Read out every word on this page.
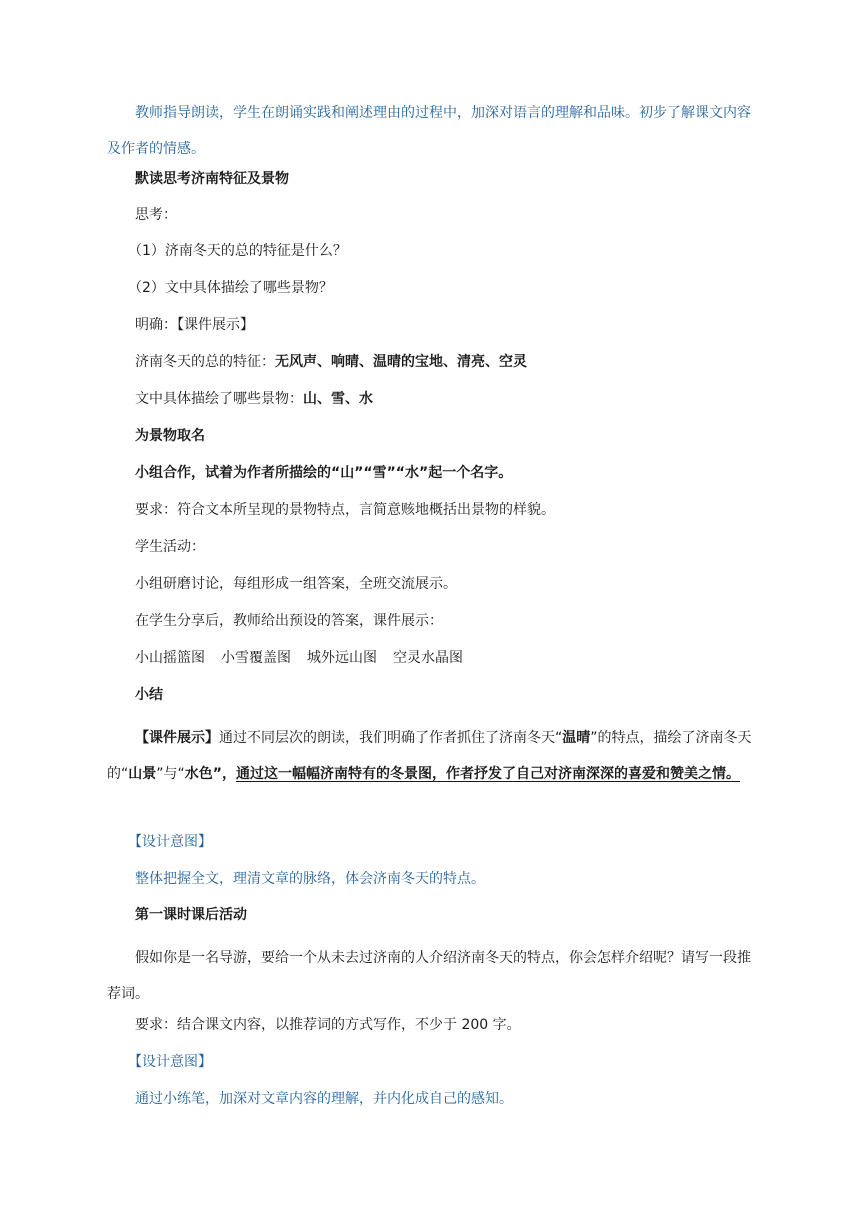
教师指导朗读，学生在朗诵实践和阐述理由的过程中，加深对语言的理解和品味。初步了解课文内容及作者的情感。
默读思考济南特征及景物
思考：
（1）济南冬天的总的特征是什么？
（2）文中具体描绘了哪些景物？
明确：【课件展示】
济南冬天的总的特征：无风声、响晴、温晴的宝地、清亮、空灵
文中具体描绘了哪些景物：山、雪、水
为景物取名
小组合作，试着为作者所描绘的“山”“雪”“水”起一个名字。
要求：符合文本所呈现的景物特点，言简意赅地概括出景物的样貌。
学生活动：
小组研磨讨论，每组形成一组答案，全班交流展示。
在学生分享后，教师给出预设的答案，课件展示：
小山摇篮图 小雪覆盖图 城外远山图 空灵水晶图
小结
【课件展示】通过不同层次的朗读，我们明确了作者抓住了济南冬天“温晴”的特点，描绘了济南冬天的“山景”与“水色”，通过这一幅幅济南特有的冬景图，作者抒发了自己对济南深深的喜爱和赞美之情。
【设计意图】
整体把握全文，理清文章的脉络，体会济南冬天的特点。
第一课时课后活动
假如你是一名导游，要给一个从未去过济南的人介绍济南冬天的特点，你会怎样介绍呢？请写一段推荐词。
要求：结合课文内容，以推荐词的方式写作，不少于 200 字。
【设计意图】
通过小练笔，加深对文章内容的理解，并内化成自己的感知。
